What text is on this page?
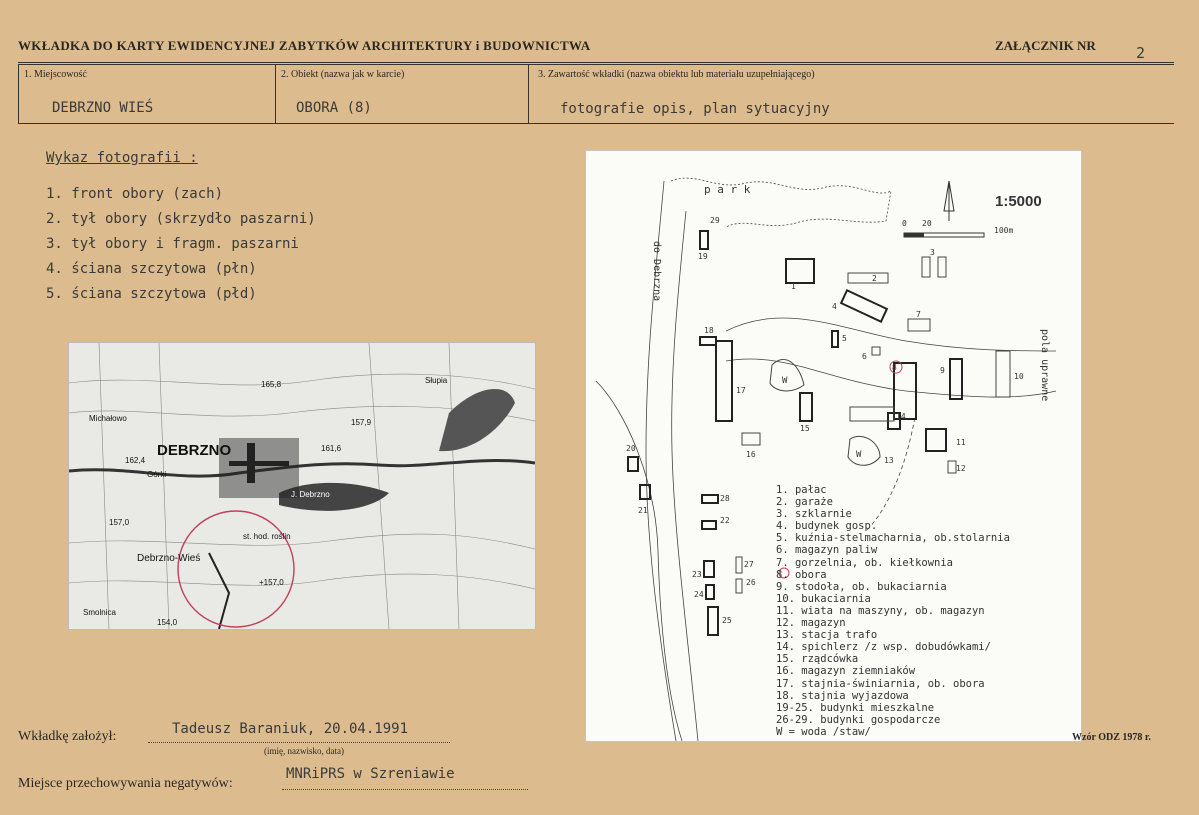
WKŁADKA DO KARTY EWIDENCYJNEJ ZABYTKÓW ARCHITEKTURY i BUDOWNICTWA	ZAŁĄCZNIK NR	2
1. Miejscowość
DEBRZNO WIEŚ
2. Obiekt (nazwa jak w karcie)
OBORA (8)
3. Zawartość wkładki (nazwa obiektu lub materiału uzupełniającego)
fotografie opis, plan sytuacyjny
Wykaz fotografii :
1. front obory (zach)
2. tył obory (skrzydło paszarni)
3. tył obory i fragm. paszarni
4. ściana szczytowa (płn)
5. ściana szczytowa (płd)
DEBRZNO
Debrzno-Wieś
Michałowo
Słupia
Górki
Smolnica
165,8
162,4
161,6
157,9
157,0
+157,0
154,0
st. hod. roślin
J. Debrzno
p a r k
do Debrzna
pola uprawne
0 20
100m
W
W
1
2
3
4
5
6
7
8	9
10
11
12
13
14
15
16
17
18
19
20
21
22
23
24
25
26
27
28
29
1:5000
1. pałac
2. garaże
3. szklarnie
4. budynek gosp.
5. kuźnia-stelmacharnia, ob.stolarnia
6. magazyn paliw
7. gorzelnia, ob. kiełkownia
8. obora
9. stodoła, ob. bukaciarnia
10. bukaciarnia
11. wiata na maszyny, ob. magazyn
12. magazyn
13. stacja trafo
14. spichlerz /z wsp. dobudówkami/
15. rządcówka
16. magazyn ziemniaków
17. stajnia-świniarnia, ob. obora
18. stajnia wyjazdowa
19-25. budynki mieszkalne
26-29. budynki gospodarcze
W = woda /staw/
Wkładkę założył:	Tadeusz Baraniuk, 20.04.1991
(imię, nazwisko, data)
Miejsce przechowywania negatywów:
MNRiPRS w Szreniawie
Wzór ODZ 1978 r.
